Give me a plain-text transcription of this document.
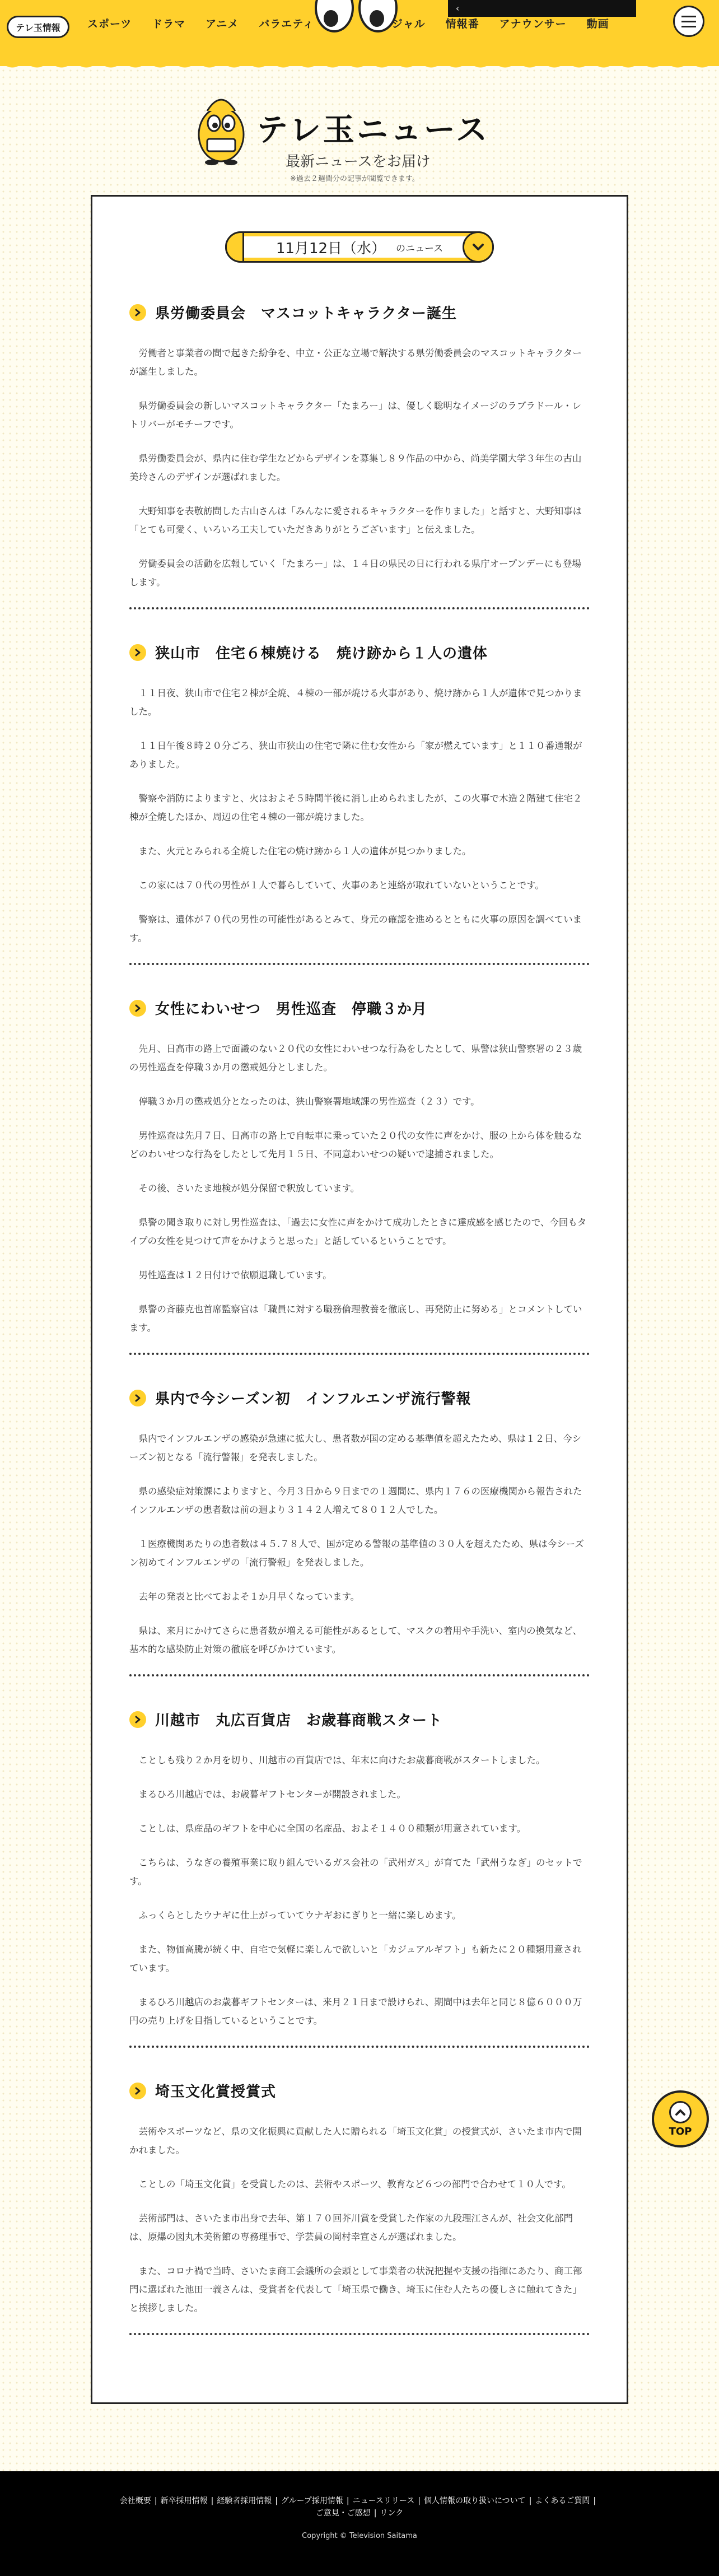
テレ玉情報	スポーツ ドラマ アニメ バラエティ
‹
ジャル 情報番 アナウンサー 動画
テレ玉ニュース
最新ニュースをお届け
※過去２週間分の記事が閲覧できます。
11月12日（水） のニュース
県労働委員会　マスコットキャラクター誕生

労働者と事業者の間で起きた紛争を、中立・公正な立場で解決する県労働委員会のマスコットキャラクターが誕生しました。

県労働委員会の新しいマスコットキャラクター「たまろー」は、優しく聡明なイメージのラブラドール・レトリバーがモチーフです。

県労働委員会が、県内に住む学生などからデザインを募集し８９作品の中から、尚美学園大学３年生の古山美玲さんのデザインが選ばれました。

大野知事を表敬訪問した古山さんは「みんなに愛されるキャラクターを作りました」と話すと、大野知事は「とても可愛く、いろいろ工夫していただきありがとうございます」と伝えました。

労働委員会の活動を広報していく「たまろー」は、１４日の県民の日に行われる県庁オープンデーにも登場します。

狭山市　住宅６棟焼ける　焼け跡から１人の遺体

１１日夜、狭山市で住宅２棟が全焼、４棟の一部が焼ける火事があり、焼け跡から１人が遺体で見つかりました。

１１日午後８時２０分ごろ、狭山市狭山の住宅で隣に住む女性から「家が燃えています」と１１０番通報がありました。

警察や消防によりますと、火はおよそ５時間半後に消し止められましたが、この火事で木造２階建て住宅２棟が全焼したほか、周辺の住宅４棟の一部が焼けました。

また、火元とみられる全焼した住宅の焼け跡から１人の遺体が見つかりました。

この家には７０代の男性が１人で暮らしていて、火事のあと連絡が取れていないということです。

警察は、遺体が７０代の男性の可能性があるとみて、身元の確認を進めるとともに火事の原因を調べています。

女性にわいせつ　男性巡査　停職３か月

先月、日高市の路上で面識のない２０代の女性にわいせつな行為をしたとして、県警は狭山警察署の２３歳の男性巡査を停職３か月の懲戒処分としました。

停職３か月の懲戒処分となったのは、狭山警察署地域課の男性巡査（２３）です。

男性巡査は先月７日、日高市の路上で自転車に乗っていた２０代の女性に声をかけ、服の上から体を触るなどのわいせつな行為をしたとして先月１５日、不同意わいせつの疑いで逮捕されました。

その後、さいたま地検が処分保留で釈放しています。

県警の聞き取りに対し男性巡査は、「過去に女性に声をかけて成功したときに達成感を感じたので、今回もタイプの女性を見つけて声をかけようと思った」と話しているということです。

男性巡査は１２日付けで依願退職しています。

県警の斉藤克也首席監察官は「職員に対する職務倫理教養を徹底し、再発防止に努める」とコメントしています。

県内で今シーズン初　インフルエンザ流行警報

県内でインフルエンザの感染が急速に拡大し、患者数が国の定める基準値を超えたため、県は１２日、今シーズン初となる「流行警報」を発表しました。

県の感染症対策課によりますと、今月３日から９日までの１週間に、県内１７６の医療機関から報告されたインフルエンザの患者数は前の週より３１４２人増えて８０１２人でした。

１医療機関あたりの患者数は４５.７８人で、国が定める警報の基準値の３０人を超えたため、県は今シーズン初めてインフルエンザの「流行警報」を発表しました。

去年の発表と比べておよそ１か月早くなっています。

県は、来月にかけてさらに患者数が増える可能性があるとして、マスクの着用や手洗い、室内の換気など、基本的な感染防止対策の徹底を呼びかけています。

川越市　丸広百貨店　お歳暮商戦スタート

ことしも残り２か月を切り、川越市の百貨店では、年末に向けたお歳暮商戦がスタートしました。

まるひろ川越店では、お歳暮ギフトセンターが開設されました。

ことしは、県産品のギフトを中心に全国の名産品、およそ１４００種類が用意されています。

こちらは、うなぎの養殖事業に取り組んでいるガス会社の「武州ガス」が育てた「武州うなぎ」のセットです。

ふっくらとしたウナギに仕上がっていてウナギおにぎりと一緒に楽しめます。

また、物価高騰が続く中、自宅で気軽に楽しんで欲しいと「カジュアルギフト」も新たに２０種類用意されています。

まるひろ川越店のお歳暮ギフトセンターは、来月２１日まで設けられ、期間中は去年と同じ８億６０００万円の売り上げを目指しているということです。

埼玉文化賞授賞式

芸術やスポーツなど、県の文化振興に貢献した人に贈られる「埼玉文化賞」の授賞式が、さいたま市内で開かれました。

ことしの「埼玉文化賞」を受賞したのは、芸術やスポーツ、教育など６つの部門で合わせて１０人です。

芸術部門は、さいたま市出身で去年、第１７０回芥川賞を受賞した作家の九段理江さんが、社会文化部門は、原爆の図丸木美術館の専務理事で、学芸員の岡村幸宣さんが選ばれました。

また、コロナ禍で当時、さいたま商工会議所の会頭として事業者の状況把握や支援の指揮にあたり、商工部門に選ばれた池田一義さんは、受賞者を代表して「埼玉県で働き、埼玉に住む人たちの優しさに触れてきた」と挨拶しました。

TOP
会社概要 | 新卒採用情報 | 経験者採用情報 | グループ採用情報 | ニュースリリース | 個人情報の取り扱いについて | よくあるご質問 |ご意見・ご感想 | リンク
Copyright © Television Saitama
